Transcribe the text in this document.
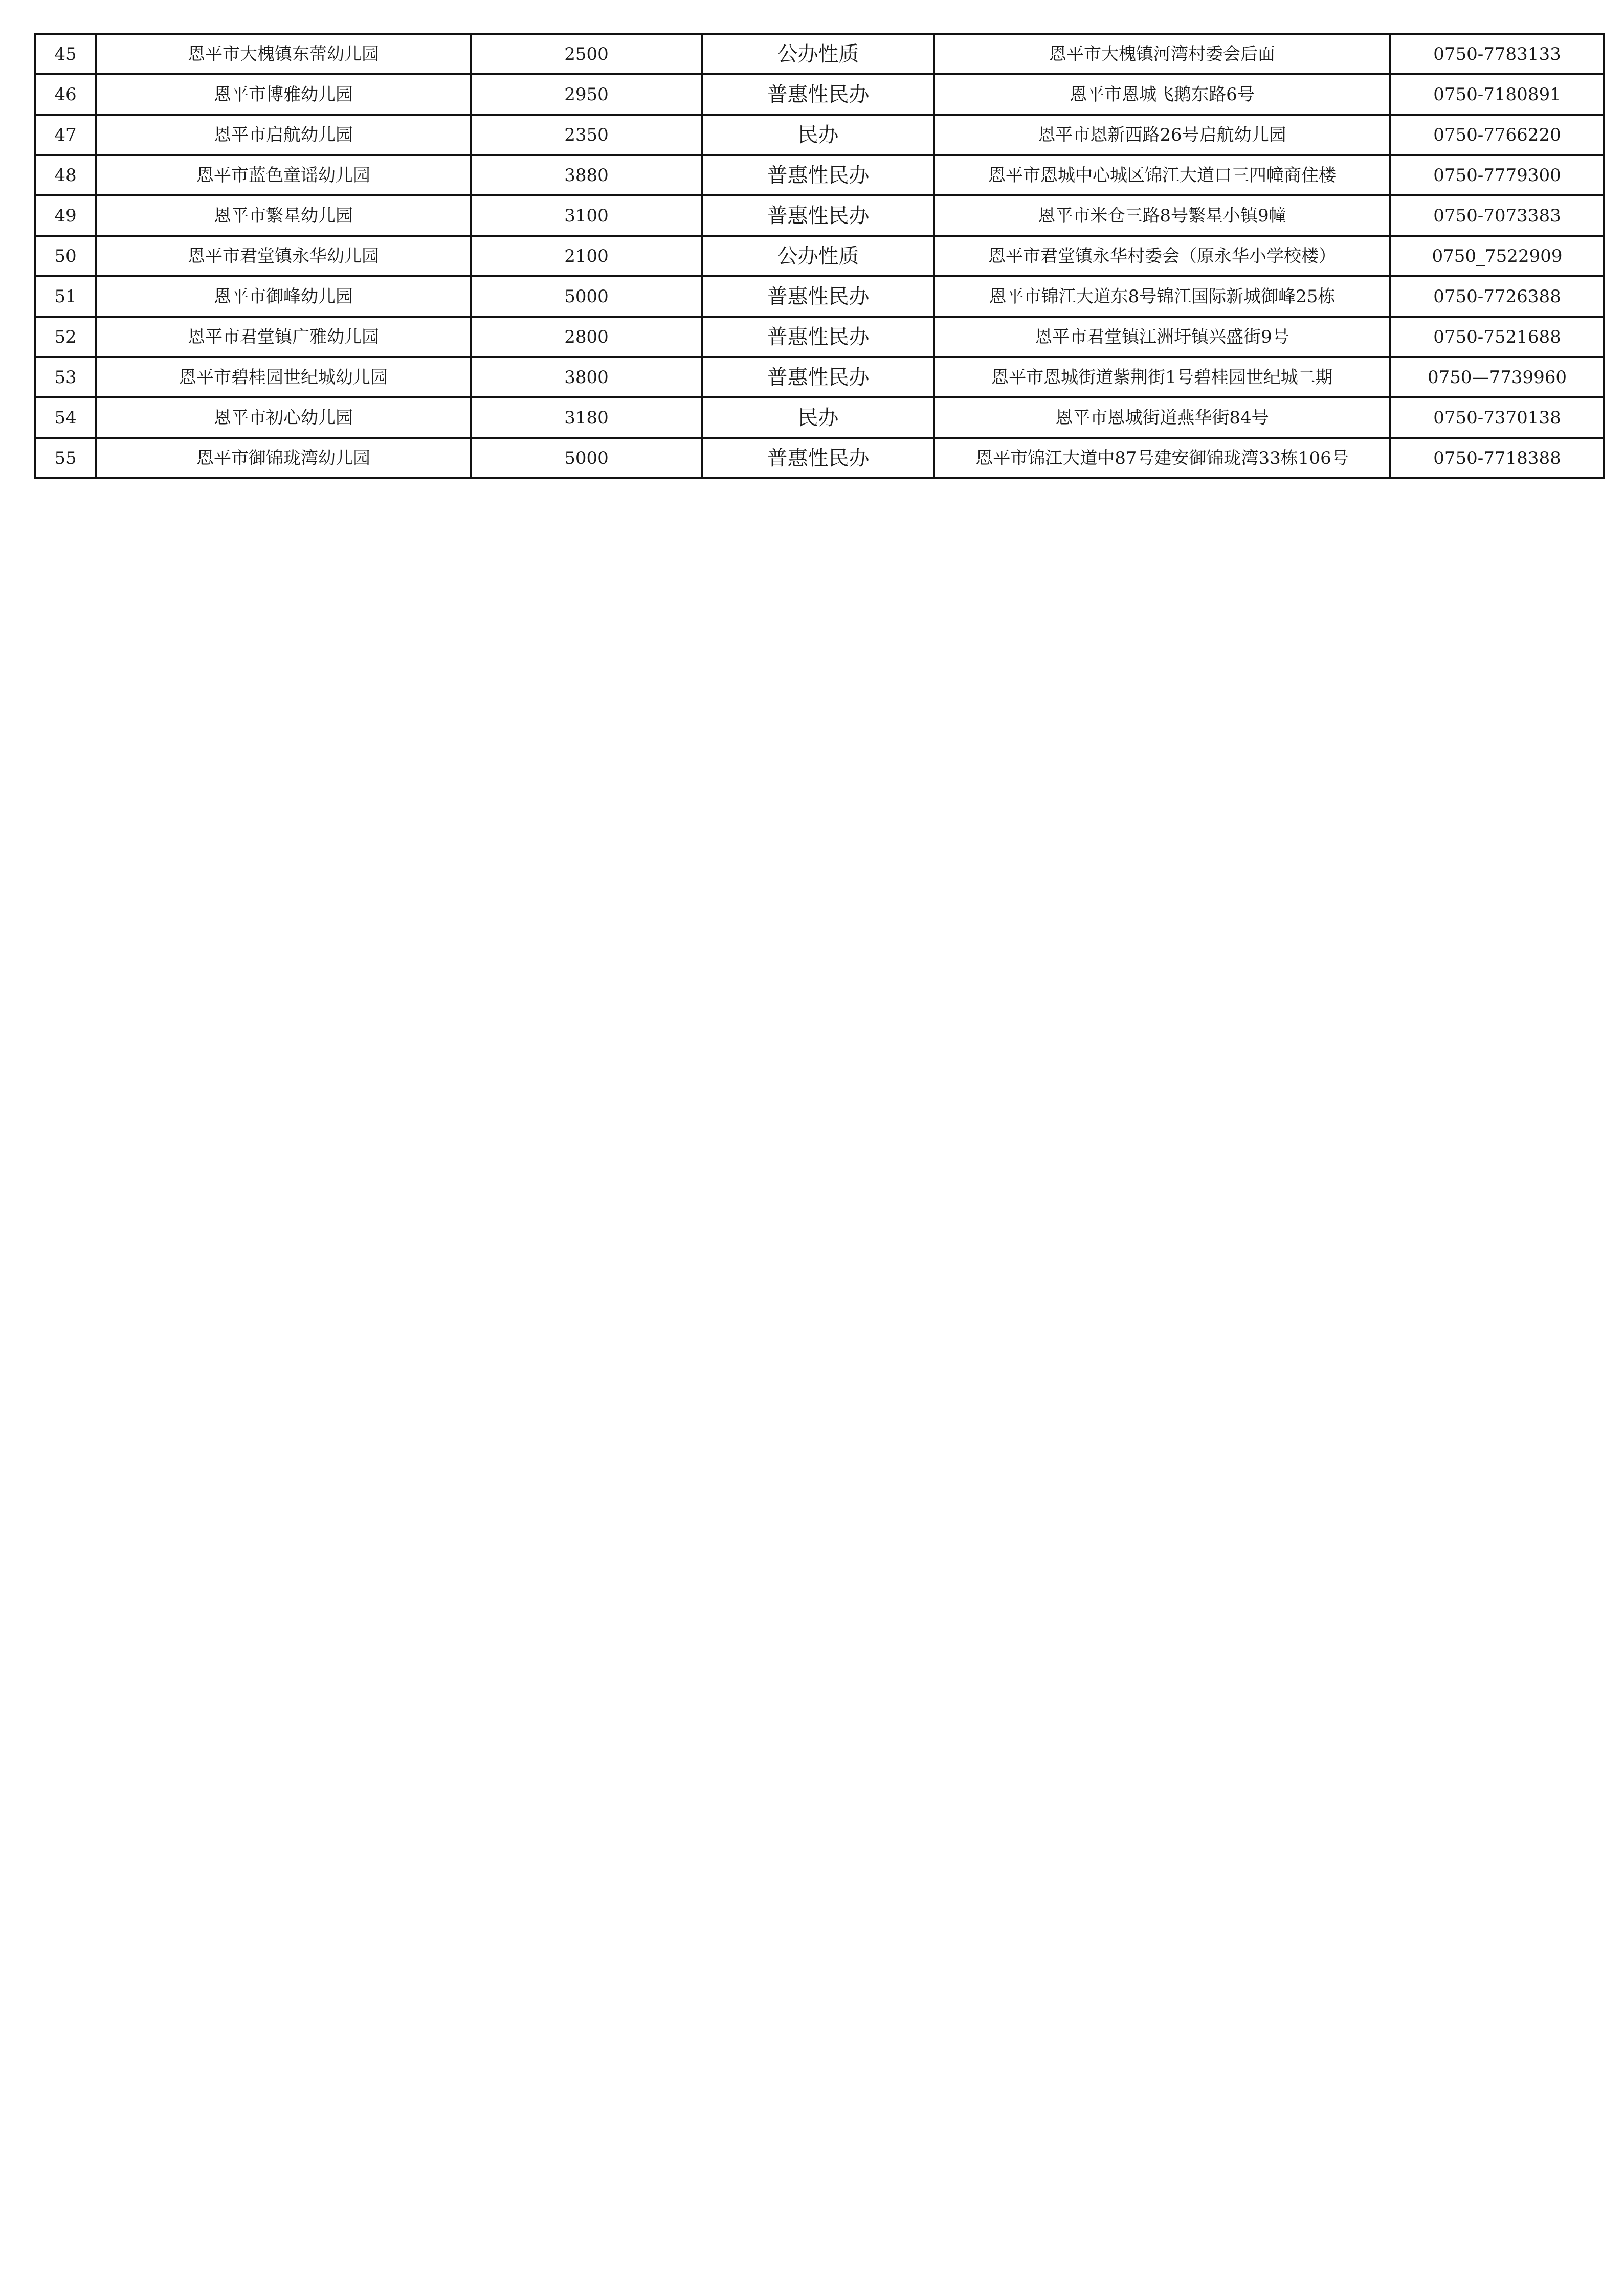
45	恩平市大槐镇东蕾幼儿园	2500	公办性质	恩平市大槐镇河湾村委会后面	0750-7783133
46	恩平市博雅幼儿园	2950	普惠性民办	恩平市恩城飞鹅东路6号	0750-7180891
47	恩平市启航幼儿园	2350	民办	恩平市恩新西路26号启航幼儿园	0750-7766220
48	恩平市蓝色童谣幼儿园	3880	普惠性民办	恩平市恩城中心城区锦江大道口三四幢商住楼	0750-7779300
49	恩平市繁星幼儿园	3100	普惠性民办	恩平市米仓三路8号繁星小镇9幢	0750-7073383
50	恩平市君堂镇永华幼儿园	2100	公办性质	恩平市君堂镇永华村委会（原永华小学校楼）	0750_7522909
51	恩平市御峰幼儿园	5000	普惠性民办	恩平市锦江大道东8号锦江国际新城御峰25栋	0750-7726388
52	恩平市君堂镇广雅幼儿园	2800	普惠性民办	恩平市君堂镇江洲圩镇兴盛街9号	0750-7521688
53	恩平市碧桂园世纪城幼儿园	3800	普惠性民办	恩平市恩城街道紫荆街1号碧桂园世纪城二期	0750—7739960
54	恩平市初心幼儿园	3180	民办	恩平市恩城街道燕华街84号	0750-7370138
55	恩平市御锦珑湾幼儿园	5000	普惠性民办	恩平市锦江大道中87号建安御锦珑湾33栋106号	0750-7718388
